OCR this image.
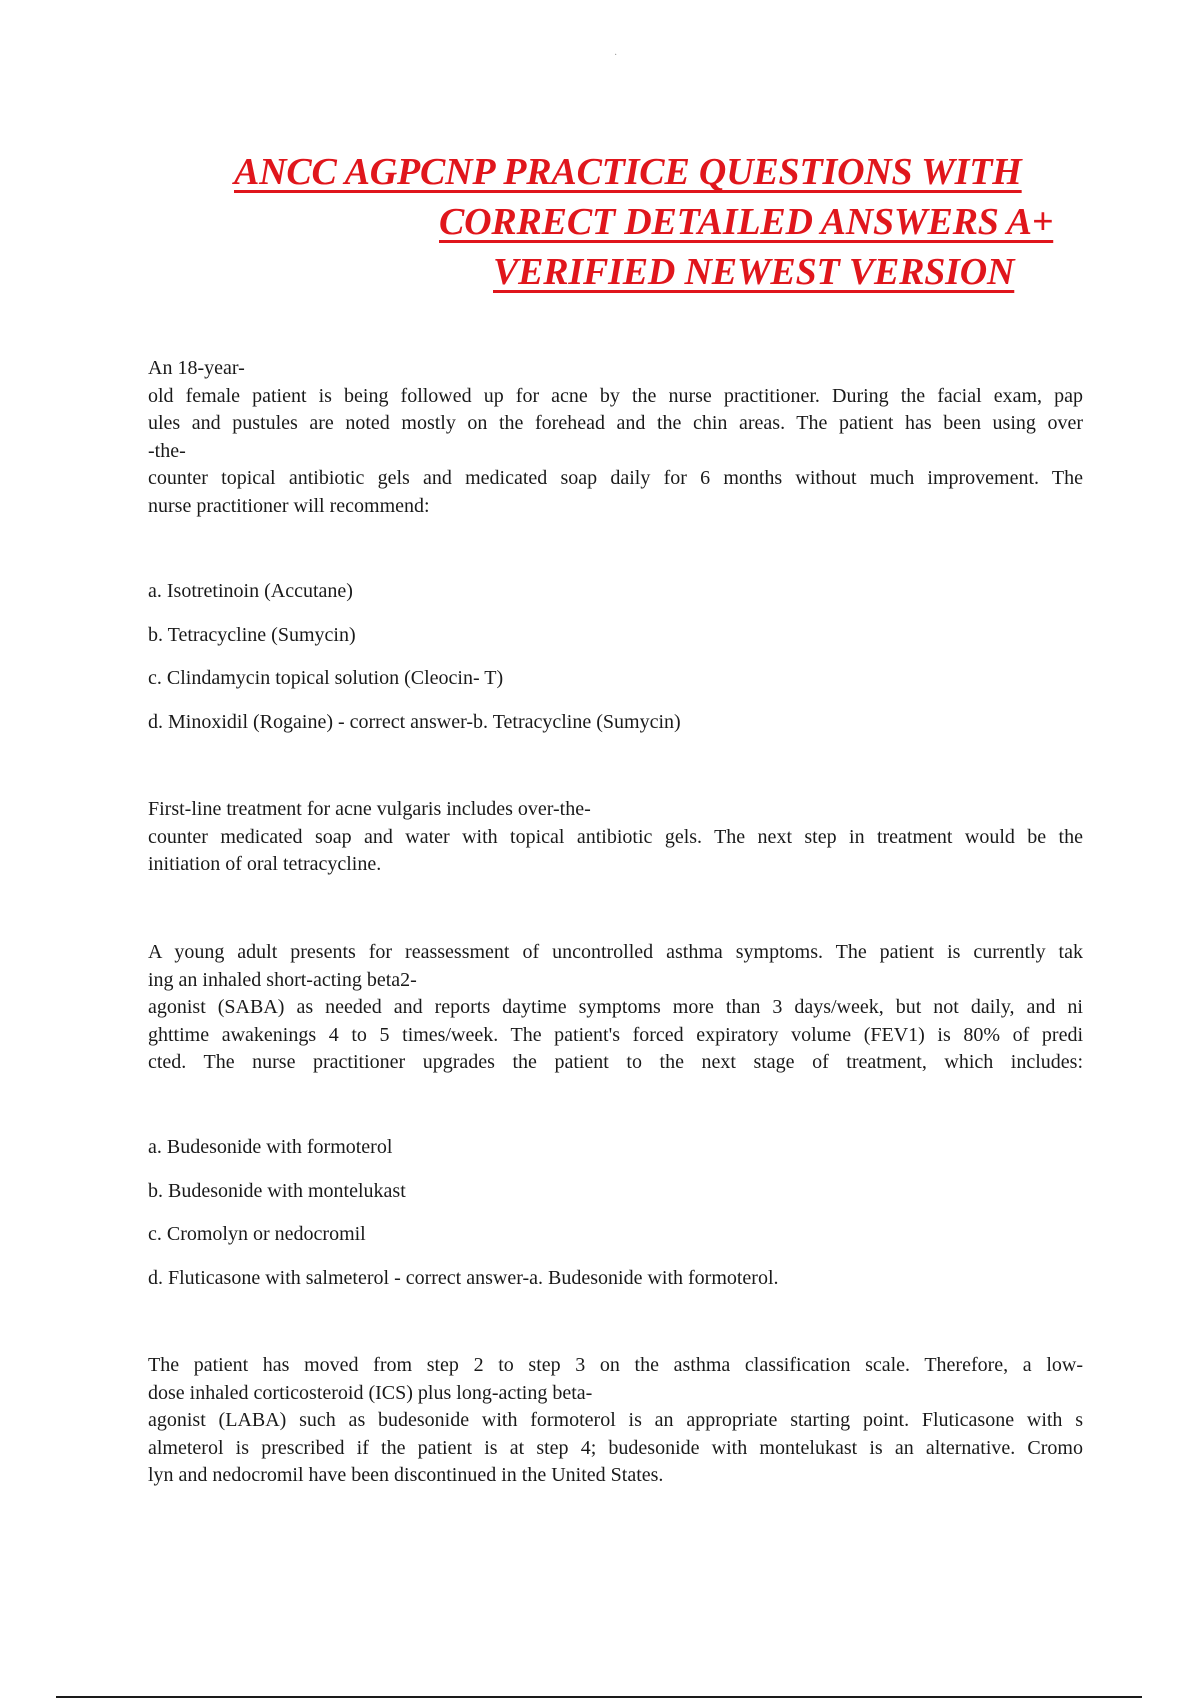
·
ANCC AGPCNP PRACTICE QUESTIONS WITH
CORRECT DETAILED ANSWERS A+
VERIFIED NEWEST VERSION
An 18-year-
old female patient is being followed up for acne by the nurse practitioner. During the facial exam, pap
ules and pustules are noted mostly on the forehead and the chin areas. The patient has been using over
-the-
counter topical antibiotic gels and medicated soap daily for 6 months without much improvement. The
nurse practitioner will recommend:
a. Isotretinoin (Accutane)
b. Tetracycline (Sumycin)
c. Clindamycin topical solution (Cleocin- T)
d. Minoxidil (Rogaine) - correct answer-b. Tetracycline (Sumycin)
First-line treatment for acne vulgaris includes over-the-
counter medicated soap and water with topical antibiotic gels. The next step in treatment would be the
initiation of oral tetracycline.
A young adult presents for reassessment of uncontrolled asthma symptoms. The patient is currently tak
ing an inhaled short-acting beta2-
agonist (SABA) as needed and reports daytime symptoms more than 3 days/week, but not daily, and ni
ghttime awakenings 4 to 5 times/week. The patient's forced expiratory volume (FEV1) is 80% of predi
cted. The nurse practitioner upgrades the patient to the next stage of treatment, which includes:
a. Budesonide with formoterol
b. Budesonide with montelukast
c. Cromolyn or nedocromil
d. Fluticasone with salmeterol - correct answer-a. Budesonide with formoterol.
The patient has moved from step 2 to step 3 on the asthma classification scale. Therefore, a low-
dose inhaled corticosteroid (ICS) plus long-acting beta-
agonist (LABA) such as budesonide with formoterol is an appropriate starting point. Fluticasone with s
almeterol is prescribed if the patient is at step 4; budesonide with montelukast is an alternative. Cromo
lyn and nedocromil have been discontinued in the United States.
